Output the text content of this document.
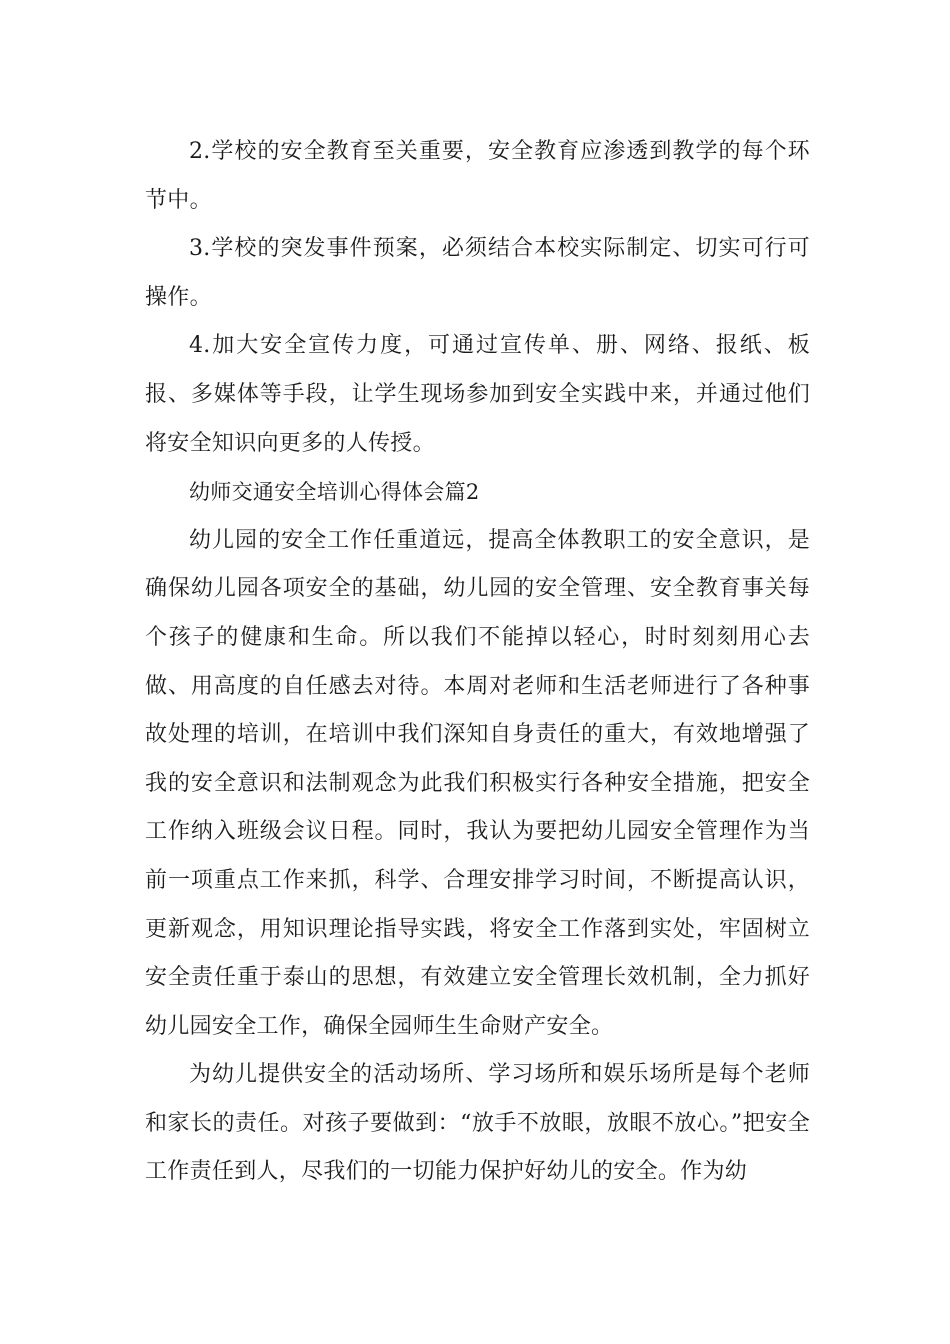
2.学校的安全教育至关重要，安全教育应渗透到教学的每个环节中。

3.学校的突发事件预案，必须结合本校实际制定、切实可行可操作。

4.加大安全宣传力度，可通过宣传单、册、网络、报纸、板报、多媒体等手段，让学生现场参加到安全实践中来，并通过他们将安全知识向更多的人传授。

幼师交通安全培训心得体会篇2

幼儿园的安全工作任重道远，提高全体教职工的安全意识，是确保幼儿园各项安全的基础，幼儿园的安全管理、安全教育事关每个孩子的健康和生命。所以我们不能掉以轻心，时时刻刻用心去做、用高度的自任感去对待。本周对老师和生活老师进行了各种事故处理的培训，在培训中我们深知自身责任的重大，有效地增强了我的安全意识和法制观念为此我们积极实行各种安全措施，把安全工作纳入班级会议日程。同时，我认为要把幼儿园安全管理作为当前一项重点工作来抓，科学、合理安排学习时间，不断提高认识，更新观念，用知识理论指导实践，将安全工作落到实处，牢固树立安全责任重于泰山的思想，有效建立安全管理长效机制，全力抓好幼儿园安全工作，确保全园师生生命财产安全。

为幼儿提供安全的活动场所、学习场所和娱乐场所是每个老师和家长的责任。对孩子要做到：“放手不放眼，放眼不放心。”把安全工作责任到人，尽我们的一切能力保护好幼儿的安全。作为幼
